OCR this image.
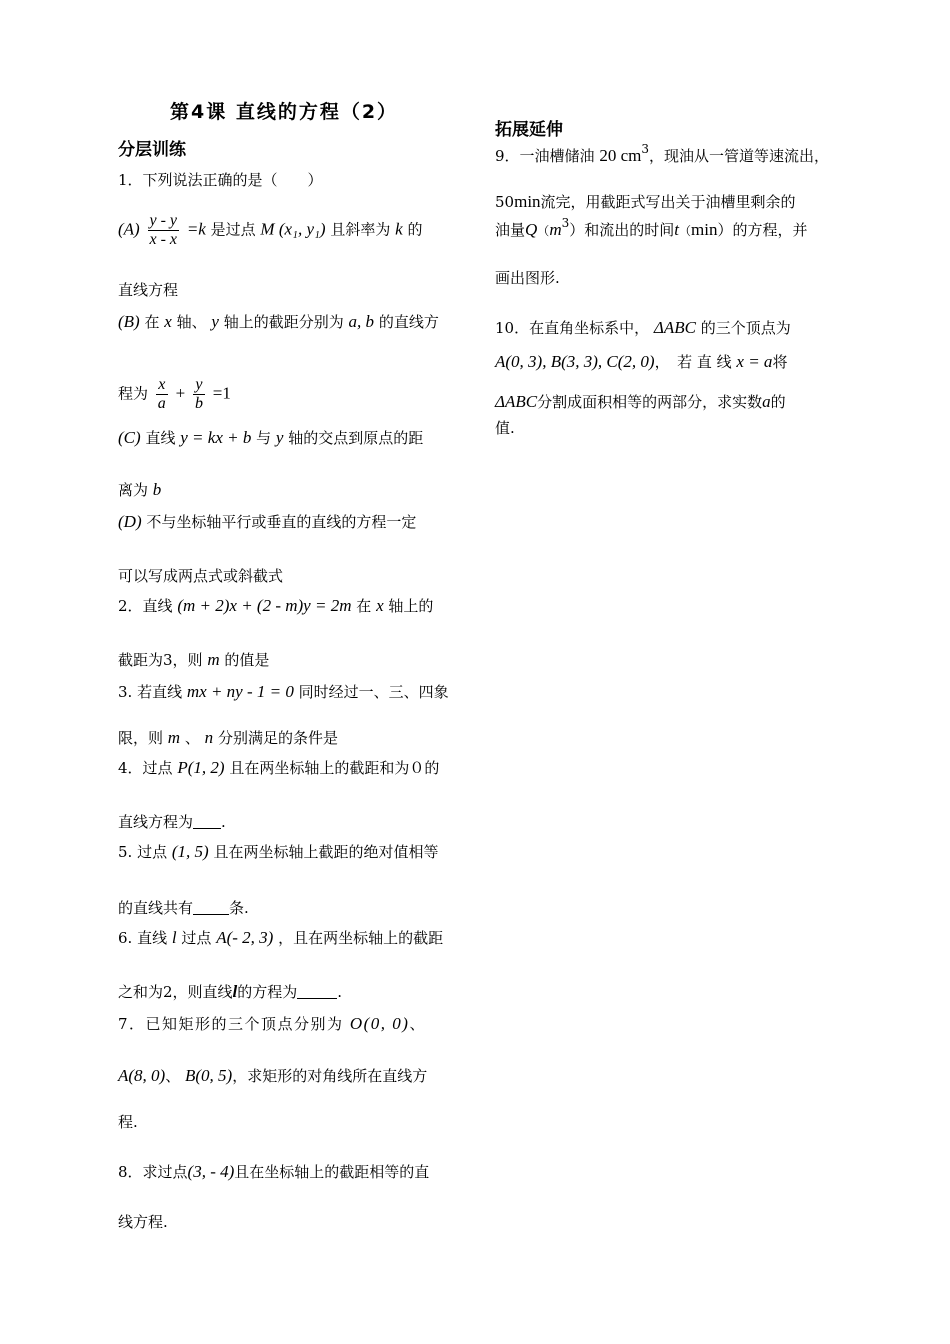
第4课 直线的方程（2）
分层训练
1．下列说法正确的是（　　）
$(A) \frac{y - y}{x - x} =k$ 是过点 M (x₁, y₁) 且斜率为 k 的
直线方程
(B) 在 x 轴、 y 轴上的截距分别为 a, b 的直线方
程为 $\frac{x}{a} + \frac{y}{b} =1$
(C) 直线 y = kx + b 与 y 轴的交点到原点的距
离为 b
(D) 不与坐标轴平行或垂直的直线的方程一定
可以写成两点式或斜截式
2．直线 (m + 2)x + (2 - m)y = 2m 在 x 轴上的
截距为3，则 m 的值是
3. 若直线 mx + ny - 1 = 0 同时经过一、三、四象
限，则 m 、 n 分别满足的条件是
4．过点 P(1, 2) 且在两坐标轴上的截距和为０的
直线方程为 .
5. 过点 (1, 5) 且在两坐标轴上截距的绝对值相等
的直线共有 条.
6. 直线 l 过点 A(- 2, 3) ，且在两坐标轴上的截距
之和为2，则直线l的方程为	.
7．已知矩形的三个顶点分别为 O(0, 0)、
A(8, 0)、 B(0, 5)，求矩形的对角线所在直线方
程.
8．求过点(3, - 4)且在坐标轴上的截距相等的直
线方程.
拓展延伸
9．一油槽储油 20 $cm^3$，现油从一管道等速流出，
50min流完，用截距式写出关于油槽里剩余的
油量$Q(m^3)$和流出的时间t（min）的方程，并
画出图形.
10．在直角坐标系中， ΔABC 的三个顶点为
A(0, 3), B(3, 3), C(2, 0)，　若 直 线 x = a将
ΔABC分割成面积相等的两部分，求实数a的
值.
